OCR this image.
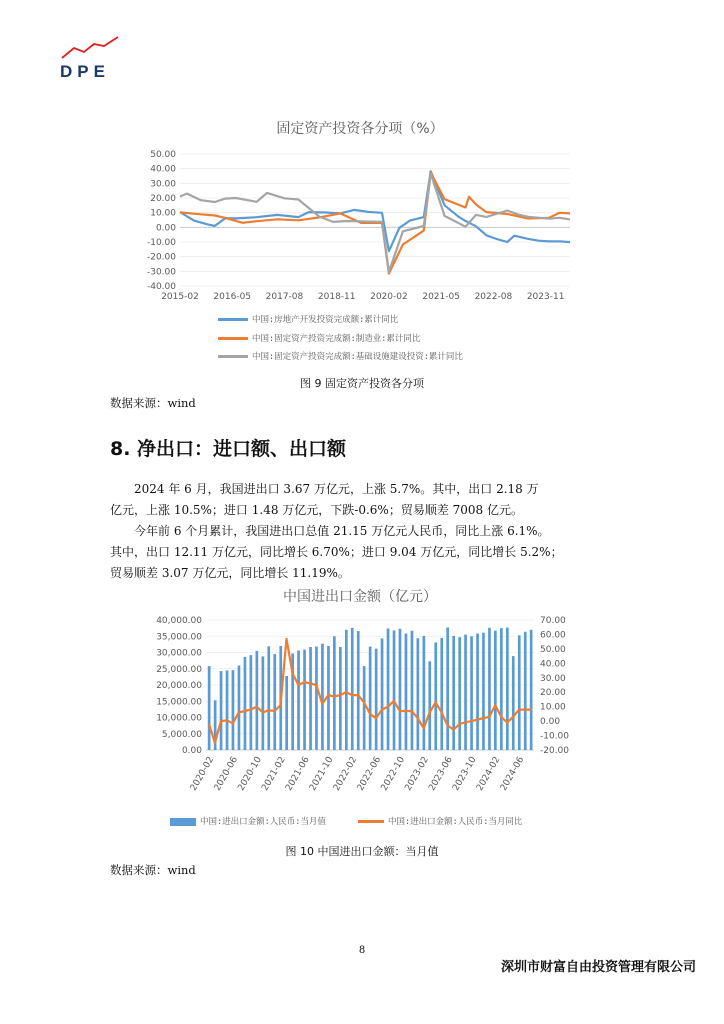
DPE
固定资产投资各分项（%）
50.00
40.00
30.00
20.00
10.00
0.00
-10.00
-20.00
-30.00
-40.00
2015-02 2016-05 2017-08 2018-11 2020-02 2021-05 2022-08 2023-11
中国:房地产开发投资完成额:累计同比
中国:固定资产投资完成额:制造业:累计同比
中国:固定资产投资完成额:基础设施建设投资:累计同比
图 9 固定资产投资各分项
数据来源：wind
8. 净出口：进口额、出口额

2024 年 6 月，我国进出口 3.67 万亿元，上涨 5.7%。其中，出口 2.18 万
亿元，上涨 10.5%；进口 1.48 万亿元，下跌-0.6%；贸易顺差 7008 亿元。

今年前 6 个月累计，我国进出口总值 21.15 万亿元人民币，同比上涨 6.1%。
其中，出口 12.11 万亿元，同比增长 6.70%；进口 9.04 万亿元，同比增长 5.2%；
贸易顺差 3.07 万亿元，同比增长 11.19%。

中国进出口金额（亿元）
40,000.00
35,000.00
30,000.00
25,000.00
20,000.00
15,000.00
10,000.00
5,000.00
0.00
70.00
60.00
50.00
40.00
30.00
20.00
10.00
0.00
-10.00
-20.00
2020-02
2020-06
2020-10
2021-02
2021-06
2021-10
2022-02
2022-06
2022-10
2023-02
2023-06
2023-10
2024-02
2024-06
中国:进出口金额:人民币:当月值	中国:进出口金额:人民币:当月同比
图 10 中国进出口金额：当月值
数据来源：wind
8
深圳市财富自由投资管理有限公司
